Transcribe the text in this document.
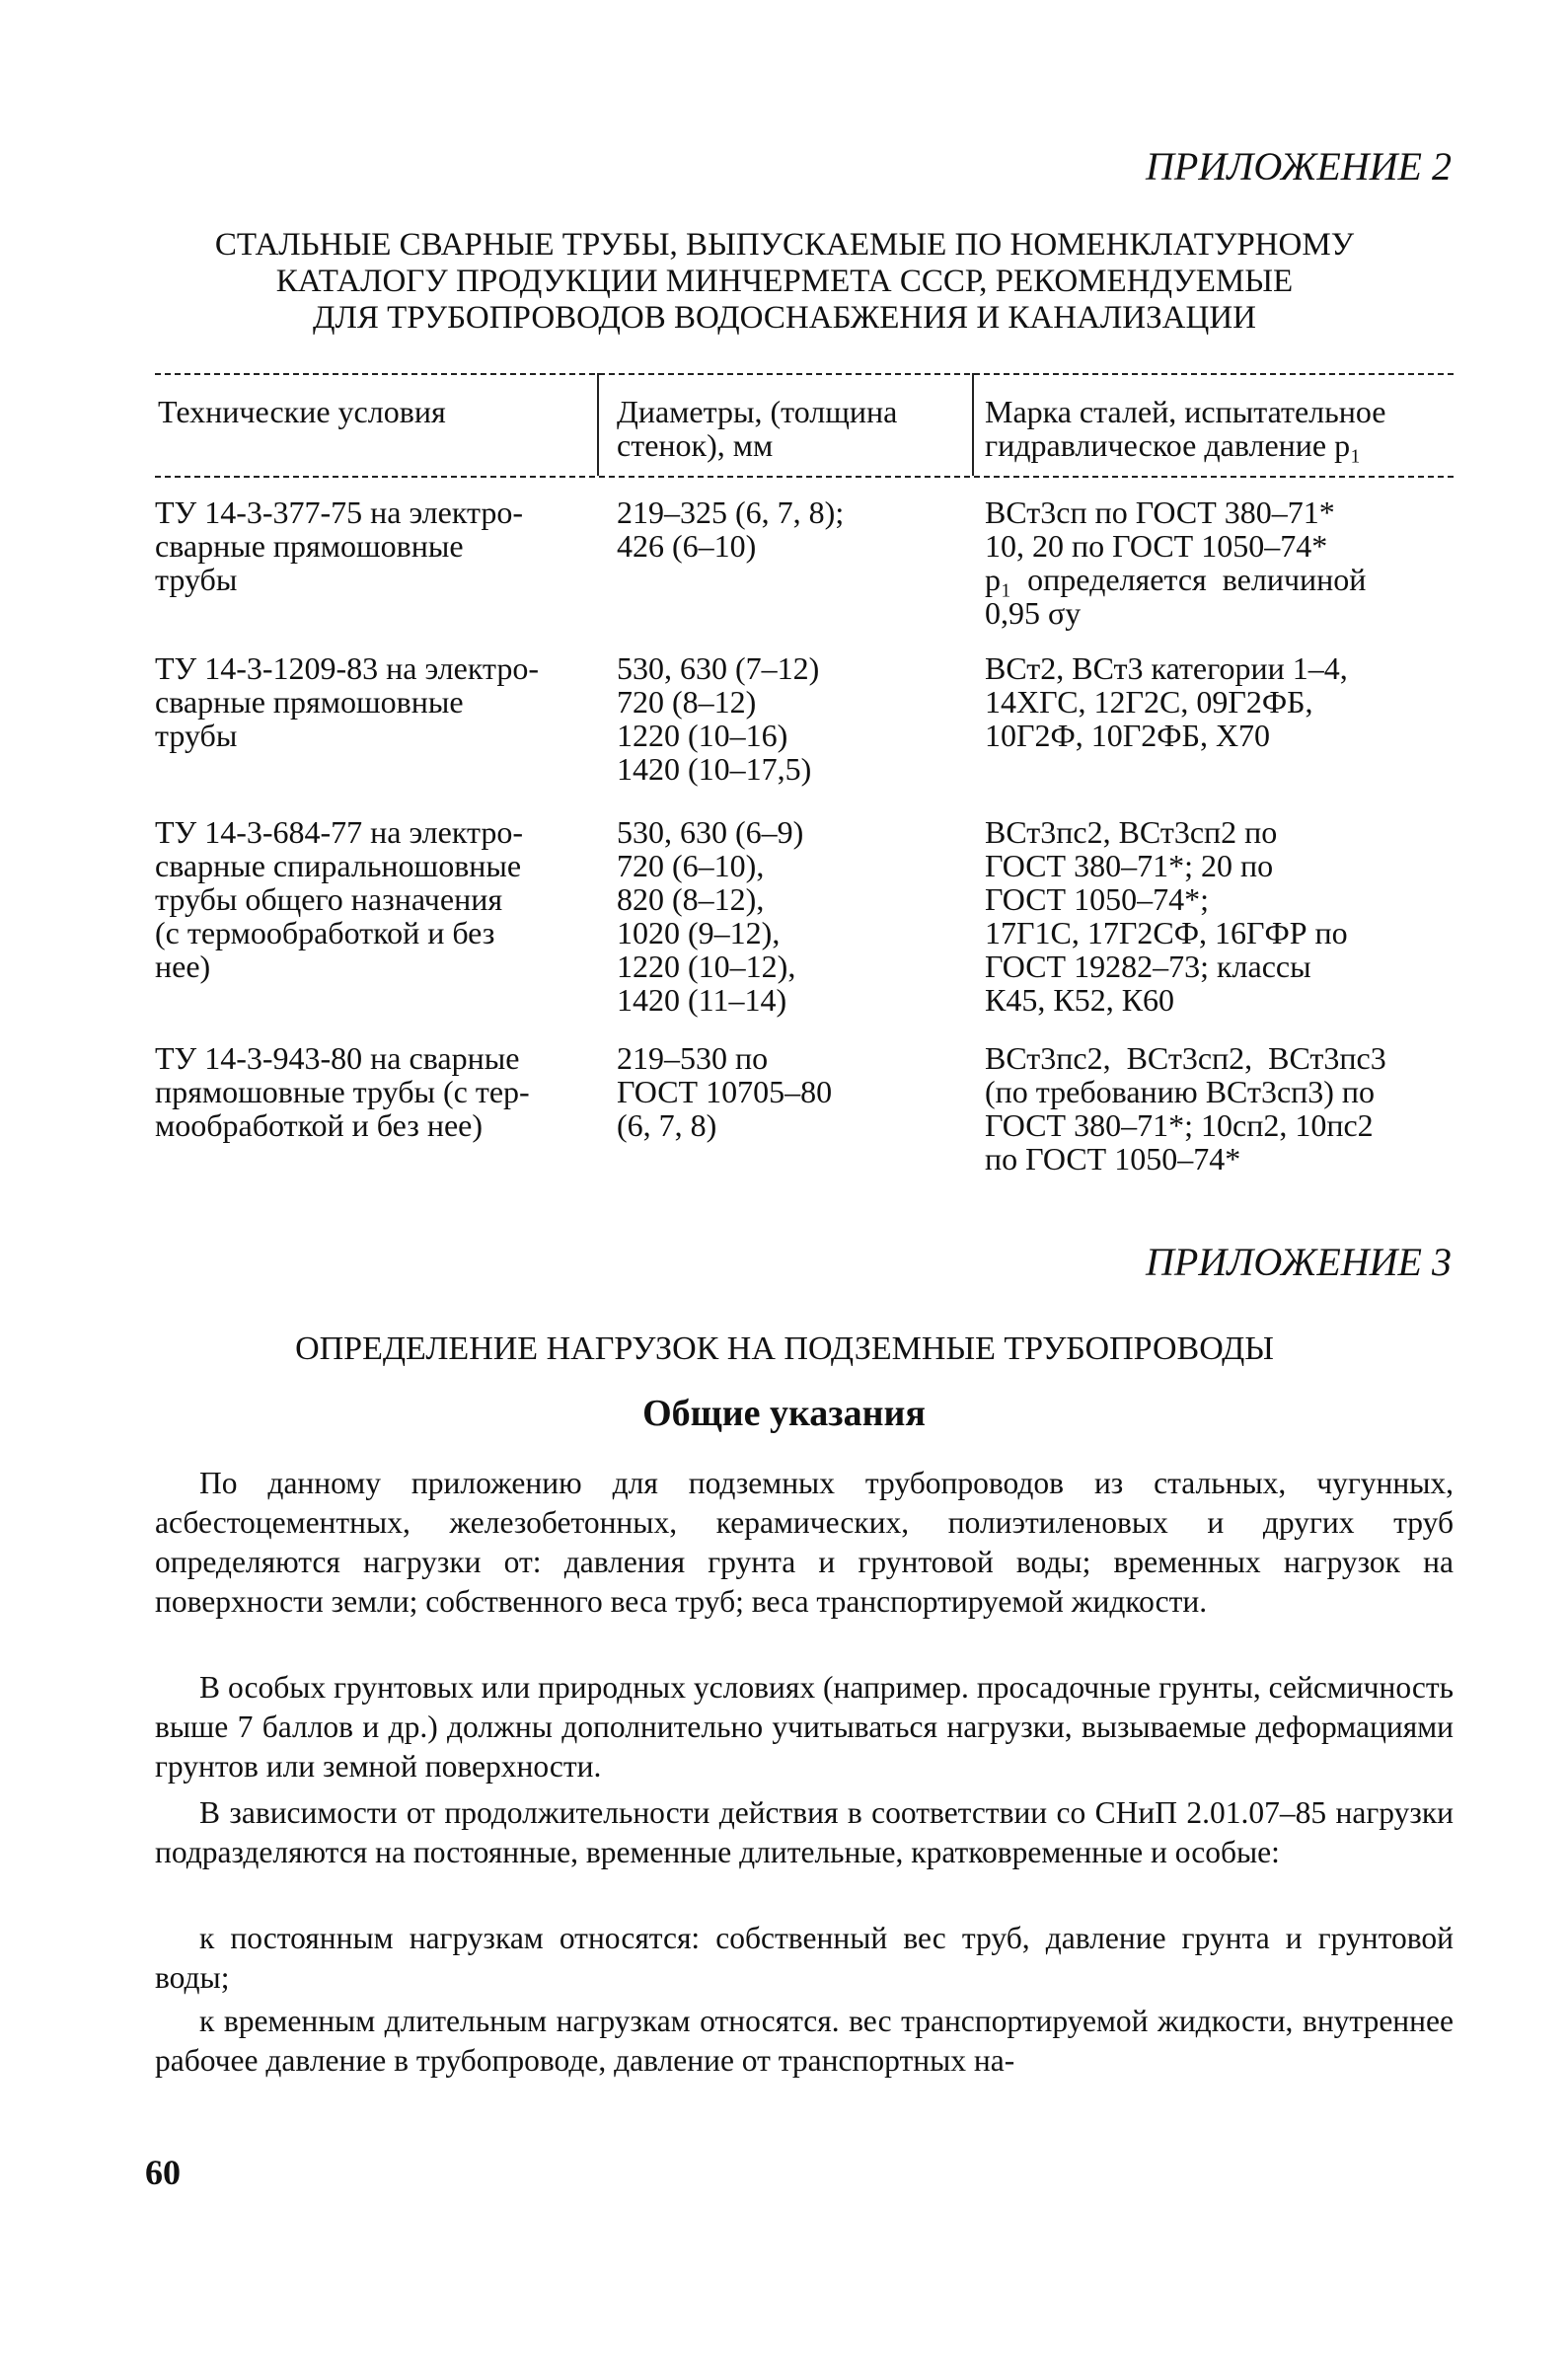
ПРИЛОЖЕНИЕ 2
СТАЛЬНЫЕ СВАРНЫЕ ТРУБЫ, ВЫПУСКАЕМЫЕ ПО НОМЕНКЛАТУРНОМУ
КАТАЛОГУ ПРОДУКЦИИ МИНЧЕРМЕТА СССР, РЕКОМЕНДУЕМЫЕ
ДЛЯ ТРУБОПРОВОДОВ ВОДОСНАБЖЕНИЯ И КАНАЛИЗАЦИИ
Технические условия	Диаметры, (толщина
стенок), мм
Марка сталей, испытательное
гидравлическое давление p₁
ТУ 14-3-377-75 на электро-
сварные прямошовные
трубы
219–325 (6, 7, 8);
426 (6–10)
ВСт3сп по ГОСТ 380–71*
10, 20 по ГОСТ 1050–74*
p₁  определяется  величиной
0,95 σу
ТУ 14-3-1209-83 на электро-
сварные прямошовные
трубы
530, 630 (7–12)
720 (8–12)
1220 (10–16)
1420 (10–17,5)
ВСт2, ВСт3 категории 1–4,
14ХГС, 12Г2С, 09Г2ФБ,
10Г2Ф, 10Г2ФБ, Х70
ТУ 14-3-684-77 на электро-
сварные спиральношовные
трубы общего назначения
(с термообработкой и без
нее)
530, 630 (6–9)
720 (6–10),
820 (8–12),
1020 (9–12),
1220 (10–12),
1420 (11–14)
ВСт3пс2, ВСт3сп2 по
ГОСТ 380–71*; 20 по
ГОСТ 1050–74*;
17Г1С, 17Г2СФ, 16ГФР по
ГОСТ 19282–73; классы
К45, К52, К60
ТУ 14-3-943-80 на сварные
прямошовные трубы (с тер-
мообработкой и без нее)
219–530 по
ГОСТ 10705–80
(6, 7, 8)
ВСт3пс2,  ВСт3сп2,  ВСт3пс3
(по требованию ВСт3сп3) по
ГОСТ 380–71*; 10сп2, 10пс2
по ГОСТ 1050–74*
ПРИЛОЖЕНИЕ 3
ОПРЕДЕЛЕНИЕ НАГРУЗОК НА ПОДЗЕМНЫЕ ТРУБОПРОВОДЫ
Общие указания
По данному приложению для подземных трубопроводов из стальных, чугунных, асбестоцементных, железобетонных, керамических, полиэтиленовых и других труб определяются нагрузки от: давления грунта и грунтовой воды; временных нагрузок на поверхности земли; собственного веса труб; веса транспортируемой жидкости.
В особых грунтовых или природных условиях (например. просадочные грунты, сейсмичность выше 7 баллов и др.) должны дополнительно учитываться нагрузки, вызываемые деформациями грунтов или земной поверхности.
В зависимости от продолжительности действия в соответствии со СНиП 2.01.07–85 нагрузки подразделяются на постоянные, временные длительные, кратковременные и особые:
к постоянным нагрузкам относятся: собственный вес труб, давление грунта и грунтовой воды;
к временным длительным нагрузкам относятся. вес транспортируемой жидкости, внутреннее рабочее давление в трубопроводе, давление от транспортных на-
60
